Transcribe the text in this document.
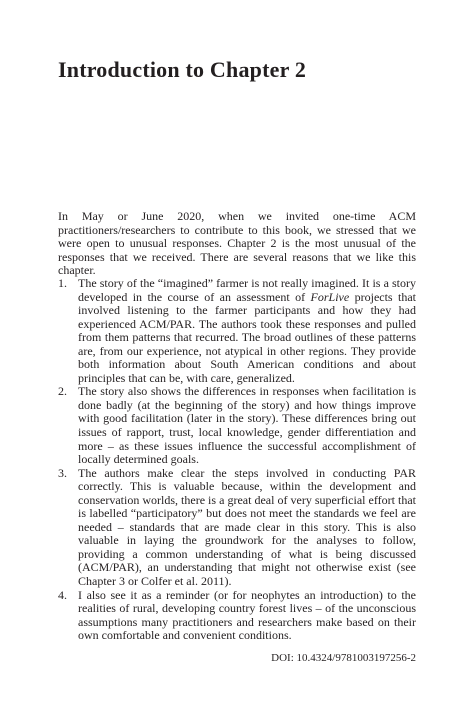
Introduction to Chapter 2

In May or June 2020, when we invited one-time ACM practitioners/researchers to contribute to this book, we stressed that we were open to unusual responses. Chapter 2 is the most unusual of the responses that we received. There are several reasons that we like this chapter.

1. The story of the “imagined” farmer is not really imagined. It is a story developed in the course of an assessment of ForLive projects that involved listening to the farmer participants and how they had experienced ACM/PAR. The authors took these responses and pulled from them patterns that recurred. The broad outlines of these patterns are, from our experience, not atypical in other regions. They provide both information about South American conditions and about principles that can be, with care, generalized.
2. The story also shows the differences in responses when facilitation is done badly (at the beginning of the story) and how things improve with good facilitation (later in the story). These differences bring out issues of rapport, trust, local knowledge, gender differentiation and more – as these issues influence the successful accomplishment of locally determined goals.
3. The authors make clear the steps involved in conducting PAR correctly. This is valuable because, within the development and conservation worlds, there is a great deal of very superficial effort that is labelled “participatory” but does not meet the standards we feel are needed – standards that are made clear in this story. This is also valuable in laying the groundwork for the analyses to follow, providing a common understanding of what is being discussed (ACM/PAR), an understanding that might not otherwise exist (see Chapter 3 or Colfer et al. 2011).
4. I also see it as a reminder (or for neophytes an introduction) to the realities of rural, developing country forest lives – of the unconscious assumptions many practitioners and researchers make based on their own comfortable and convenient conditions.
DOI: 10.4324/9781003197256-2
